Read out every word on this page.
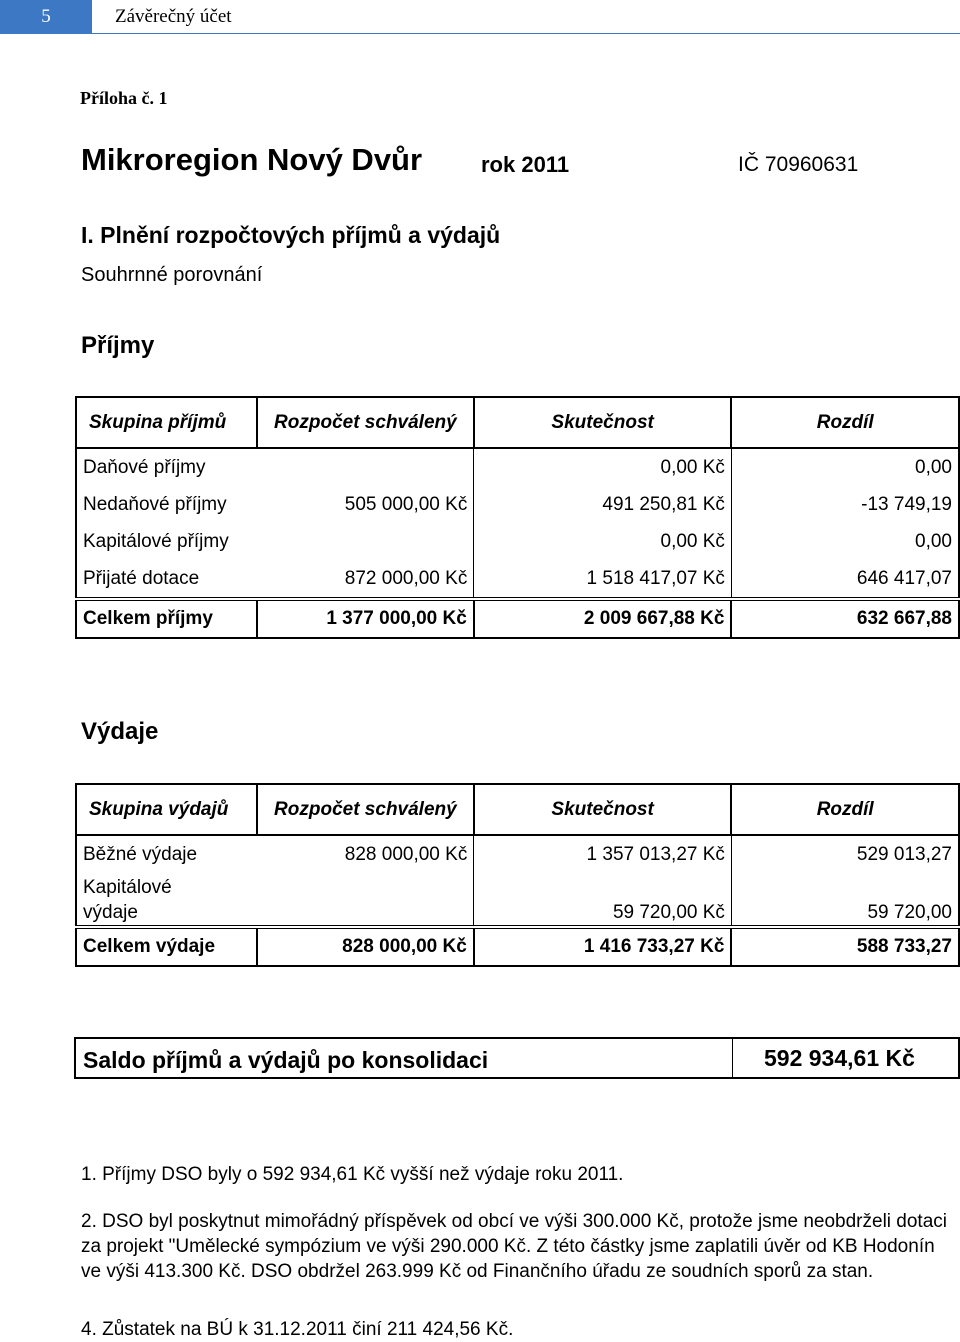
5	Závěrečný účet
Příloha č. 1
Mikroregion Nový Dvůr	rok 2011	IČ 70960631
I. Plnění rozpočtových příjmů a výdajů
Souhrnné porovnání
Příjmy
Skupina příjmů	Rozpočet schválený	Skutečnost	Rozdíl
Daňové příjmy		0,00 Kč	0,00
Nedaňové příjmy	505 000,00 Kč	491 250,81 Kč	-13 749,19
Kapitálové příjmy		0,00 Kč	0,00
Přijaté dotace	872 000,00 Kč	1 518 417,07 Kč	646 417,07
Celkem příjmy	1 377 000,00 Kč	2 009 667,88 Kč	632 667,88
Výdaje
Skupina výdajů	Rozpočet schválený	Skutečnost	Rozdíl
Běžné výdaje	828 000,00 Kč	1 357 013,27 Kč	529 013,27
Kapitálové
výdaje		59 720,00 Kč	59 720,00
Celkem výdaje	828 000,00 Kč	1 416 733,27 Kč	588 733,27
Saldo příjmů a výdajů po konsolidaci	592 934,61 Kč
1. Příjmy DSO byly o 592 934,61 Kč vyšší než výdaje roku 2011.
2. DSO byl poskytnut mimořádný příspěvek od obcí ve výši 300.000 Kč, protože jsme neobdrželi dotaci za projekt "Umělecké sympózium ve výši 290.000 Kč. Z této částky jsme zaplatili úvěr od KB Hodonín ve výši 413.300 Kč. DSO obdržel 263.999 Kč od Finančního úřadu ze soudních sporů za stan.
4. Zůstatek na BÚ k 31.12.2011 činí 211 424,56 Kč.
